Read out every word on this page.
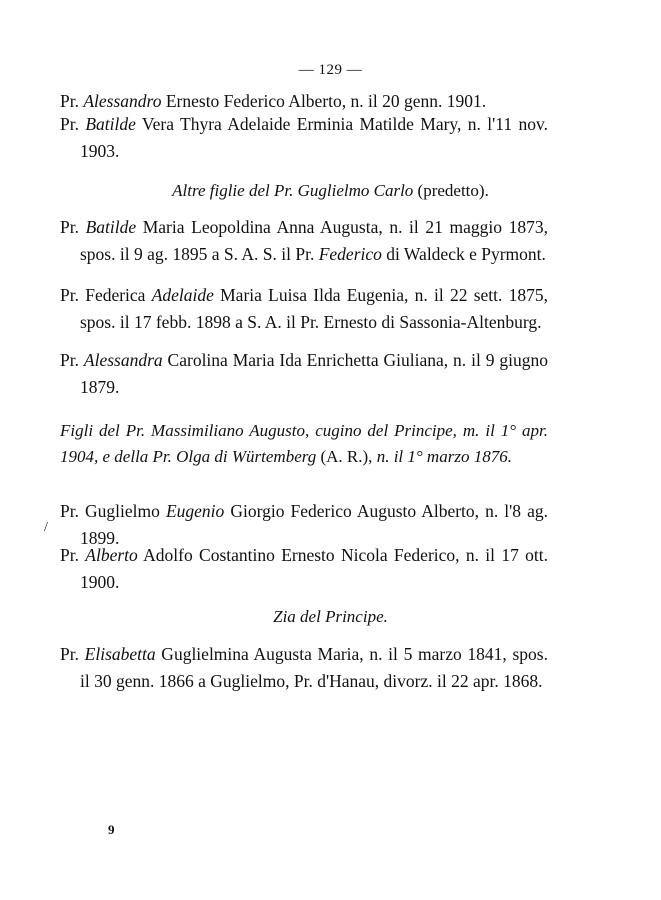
— 129 —
Pr. Alessandro Ernesto Federico Alberto, n. il 20 genn. 1901.
Pr. Batilde Vera Thyra Adelaide Erminia Matilde Mary, n. l'11 nov. 1903.
Altre figlie del Pr. Guglielmo Carlo (predetto).
Pr. Batilde Maria Leopoldina Anna Augusta, n. il 21 maggio 1873, spos. il 9 ag. 1895 a S. A. S. il Pr. Federico di Waldeck e Pyrmont.
Pr. Federica Adelaide Maria Luisa Ilda Eugenia, n. il 22 sett. 1875, spos. il 17 febb. 1898 a S. A. il Pr. Ernesto di Sassonia-Altenburg.
Pr. Alessandra Carolina Maria Ida Enrichetta Giuliana, n. il 9 giugno 1879.
Figli del Pr. Massimiliano Augusto, cugino del Principe, m. il 1° apr. 1904, e della Pr. Olga di Würtemberg (A. R.), n. il 1° marzo 1876.
Pr. Guglielmo Eugenio Giorgio Federico Augusto Alberto, n. l'8 ag. 1899.
Pr. Alberto Adolfo Costantino Ernesto Nicola Federico, n. il 17 ott. 1900.
Zia del Principe.
Pr. Elisabetta Guglielmina Augusta Maria, n. il 5 marzo 1841, spos. il 30 genn. 1866 a Guglielmo, Pr. d'Hanau, divorz. il 22 apr. 1868.
/
9
